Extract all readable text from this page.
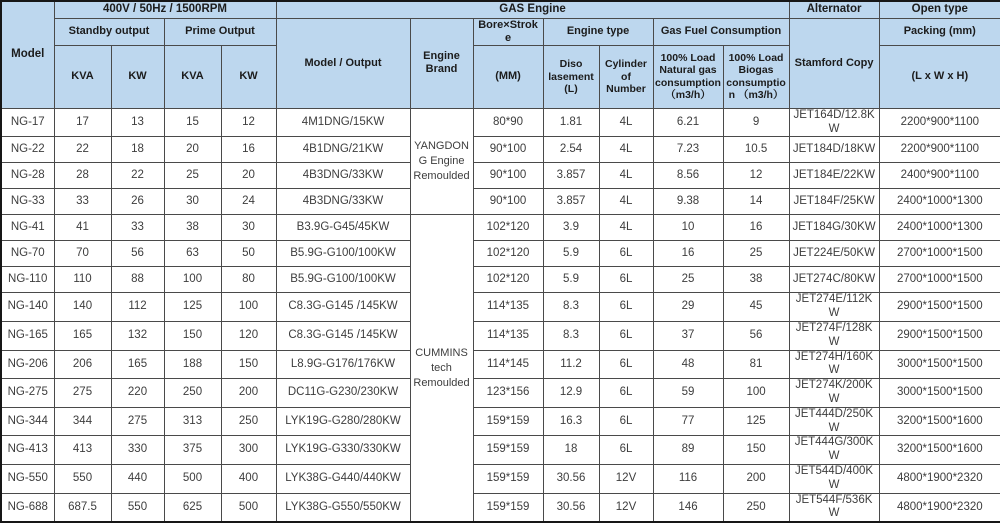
Model	400V / 50Hz / 1500RPM				GAS Engine							Alternator	Open type
	Standby output		Prime Output		Model / Output	Engine Brand	Bore×Stroke	Engine type		Gas Fuel Consumption		Stamford Copy	Packing (mm)
	KVA	KW	KVA	KW			(MM)	Diso lasement (L)	Cylinder of Number	100% Load Natural gas consumption （m3/h）	100% Load Biogas consumption （m3/h）		(L x W x H)
NG-17	17	13	15	12	4M1DNG/15KW	YANGDONG Engine Remoulded	80*90	1.81	4L	6.21	9	JET164D/12.8KW	2200*900*1100
NG-22	22	18	20	16	4B1DNG/21KW		90*100	2.54	4L	7.23	10.5	JET184D/18KW	2200*900*1100
NG-28	28	22	25	20	4B3DNG/33KW		90*100	3.857	4L	8.56	12	JET184E/22KW	2400*900*1100
NG-33	33	26	30	24	4B3DNG/33KW		90*100	3.857	4L	9.38	14	JET184F/25KW	2400*1000*1300
NG-41	41	33	38	30	B3.9G-G45/45KW	CUMMINS tech Remoulded	102*120	3.9	4L	10	16	JET184G/30KW	2400*1000*1300
NG-70	70	56	63	50	B5.9G-G100/100KW		102*120	5.9	6L	16	25	JET224E/50KW	2700*1000*1500
NG-110	110	88	100	80	B5.9G-G100/100KW		102*120	5.9	6L	25	38	JET274C/80KW	2700*1000*1500
NG-140	140	112	125	100	C8.3G-G145 /145KW		114*135	8.3	6L	29	45	JET274E/112KW	2900*1500*1500
NG-165	165	132	150	120	C8.3G-G145 /145KW		114*135	8.3	6L	37	56	JET274F/128KW	2900*1500*1500
NG-206	206	165	188	150	L8.9G-G176/176KW		114*145	11.2	6L	48	81	JET274H/160KW	3000*1500*1500
NG-275	275	220	250	200	DC11G-G230/230KW		123*156	12.9	6L	59	100	JET274K/200KW	3000*1500*1500
NG-344	344	275	313	250	LYK19G-G280/280KW		159*159	16.3	6L	77	125	JET444D/250KW	3200*1500*1600
NG-413	413	330	375	300	LYK19G-G330/330KW		159*159	18	6L	89	150	JET444G/300KW	3200*1500*1600
NG-550	550	440	500	400	LYK38G-G440/440KW		159*159	30.56	12V	116	200	JET544D/400KW	4800*1900*2320
NG-688	687.5	550	625	500	LYK38G-G550/550KW		159*159	30.56	12V	146	250	JET544F/536KW	4800*1900*2320
